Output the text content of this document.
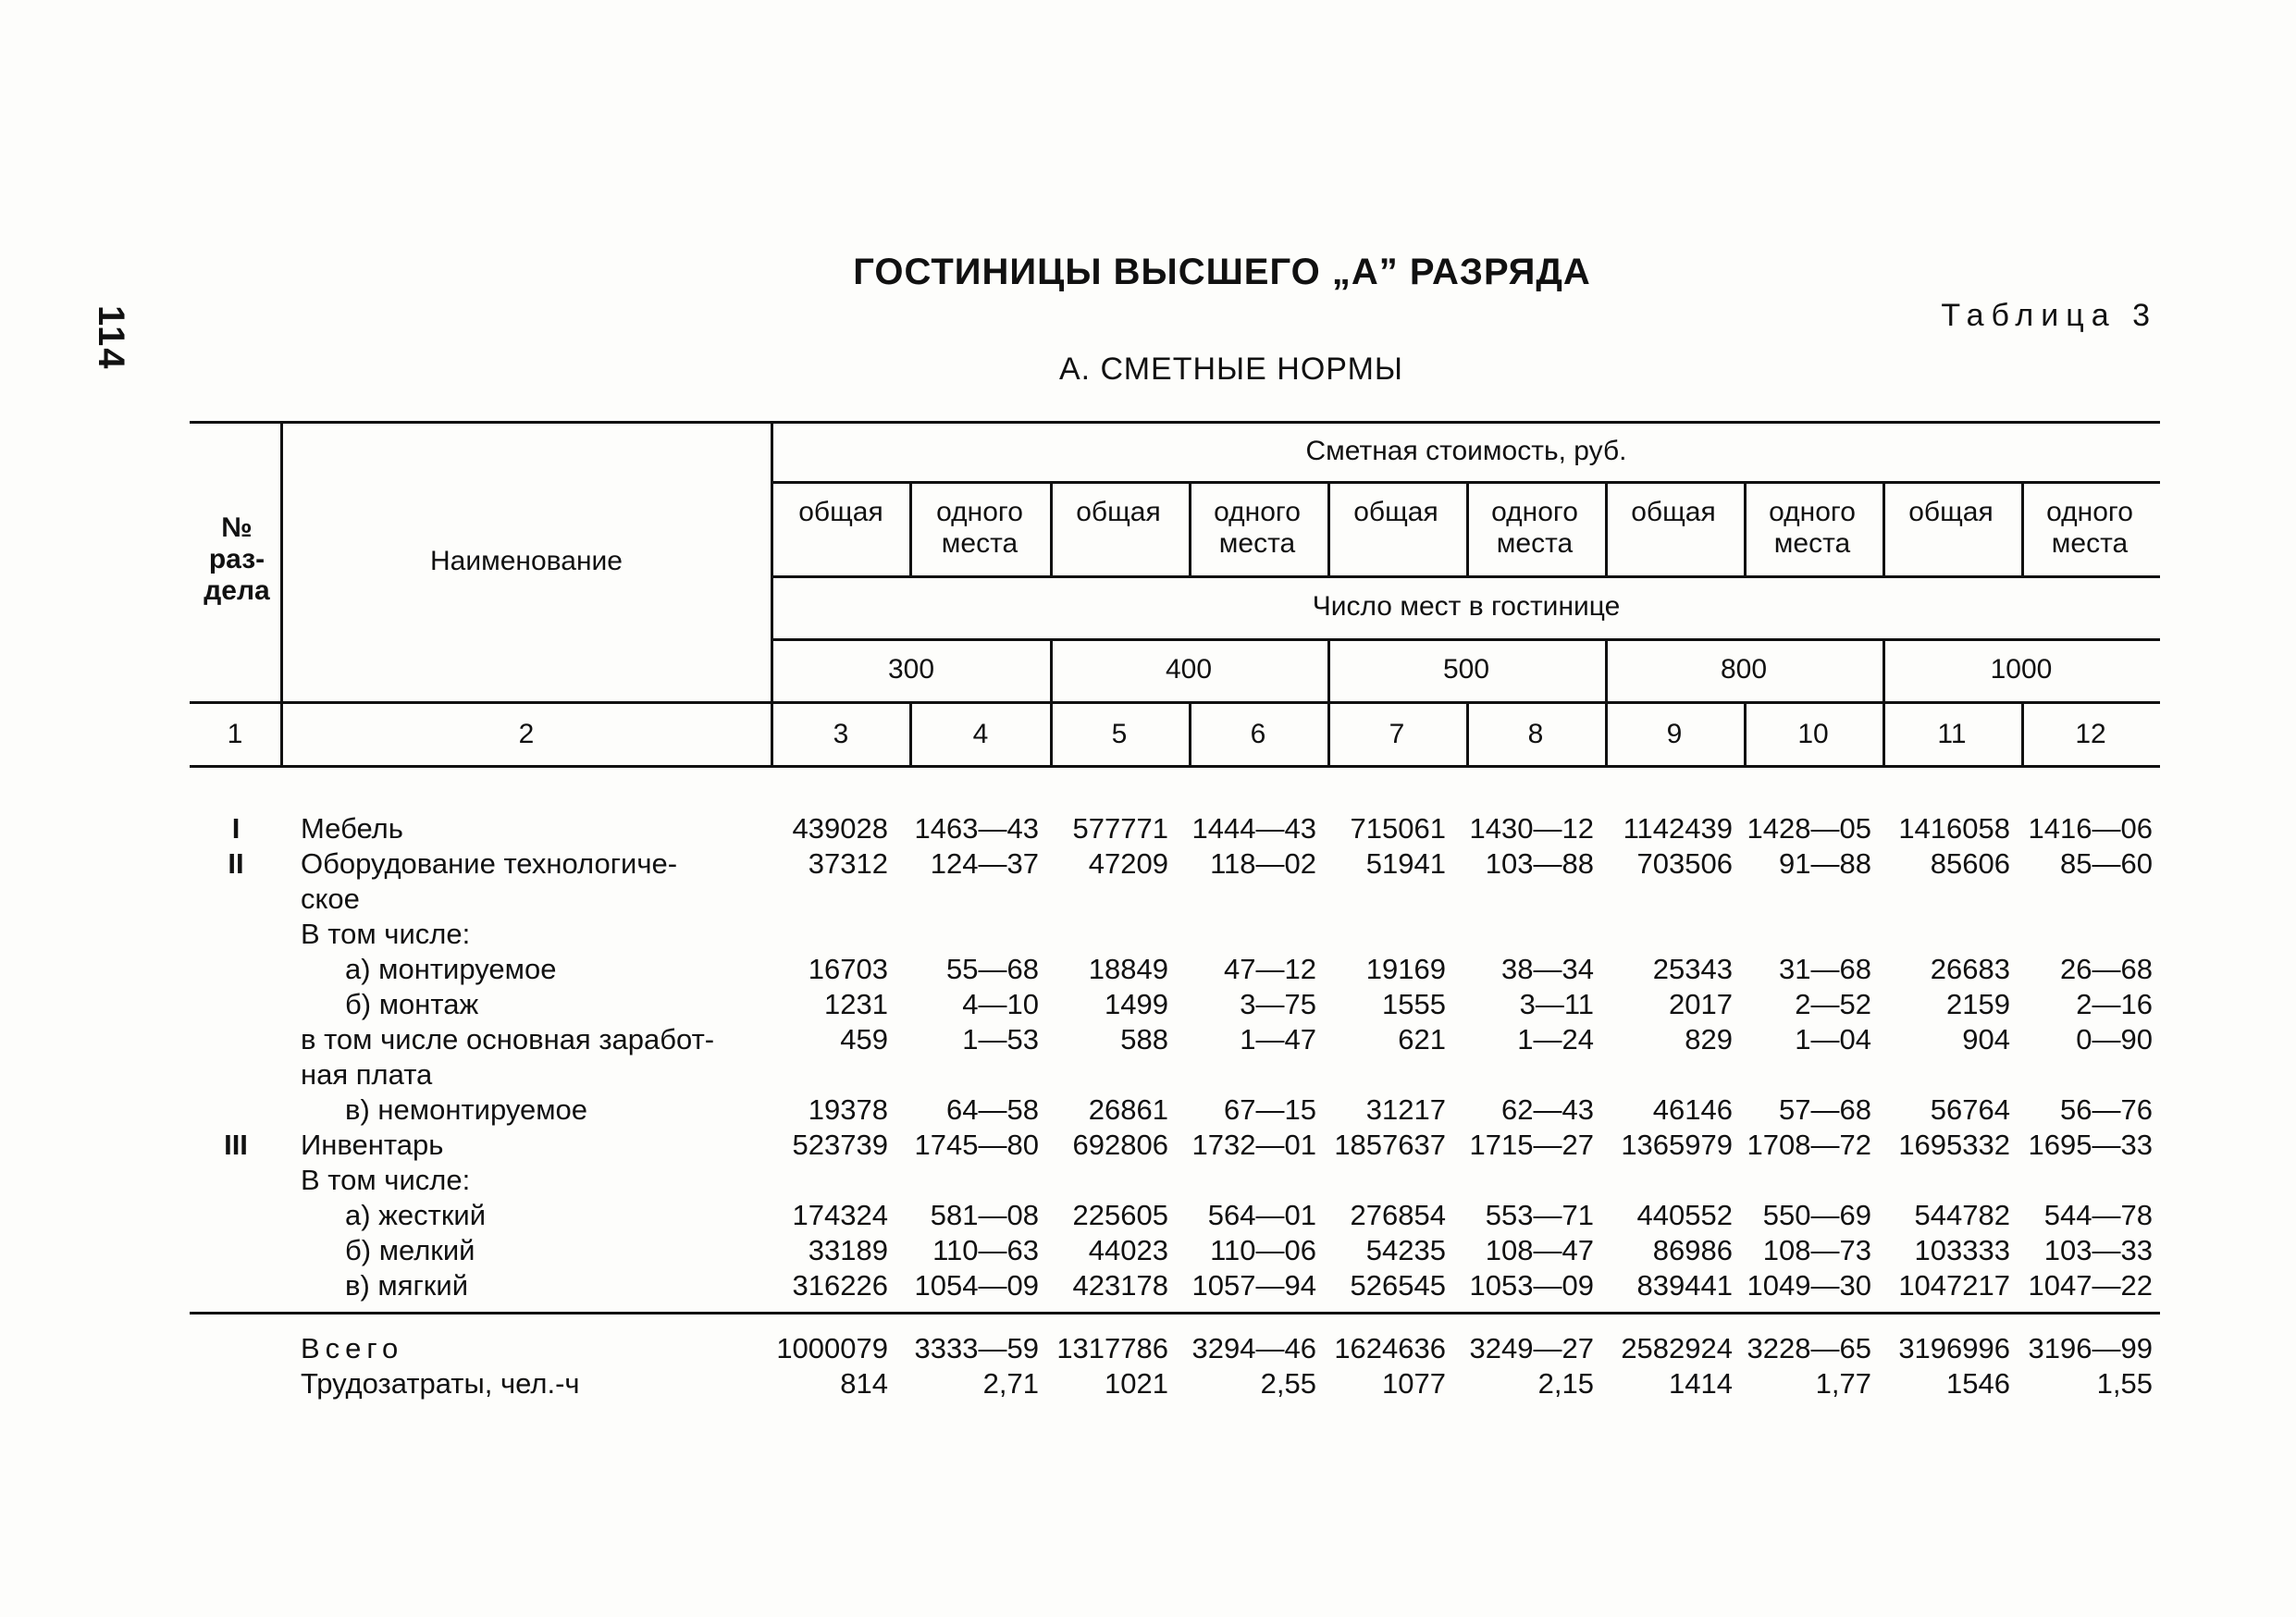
114
ГОСТИНИЦЫ ВЫСШЕГО „А” РАЗРЯДА
Таблица 3
А. СМЕТНЫЕ НОРМЫ
№ раз-дела
Наименование
Сметная стоимость, руб.
общая	одного места
общая	одного места
общая	одного места
общая	одного места
общая	одного места
Число мест в гостинице
300	400	500	800	1000
1	2	3	4	5	6	7	8	9	10	11	12
I	Мебель	439028 1463—43 577771 1444—43 715061 1430—12 1142439 1428—05 1416058 1416—06
II	Оборудование технологиче-	37312 124—37 47209 118—02 51941 103—88 703506 91—88 85606 85—60
ское
В том числе:
а) монтируемое	16703 55—68 18849 47—12 19169 38—34 25343 31—68 26683 26—68
б) монтаж	1231	4—10 1499 3—75 1555	3—11	2017 2—52	2159 2—16
в том числе основная заработ-	459	1—53	588 1—47	621 1—24	829 1—04	904 0—90
ная плата
в) немонтируемое	19378 64—58 26861 67—15 31217 62—43 46146 57—68 56764 56—76
III	Инвентарь	523739 1745—80 692806 1732—01 1857637 1715—27 1365979 1708—72 1695332 1695—33
В том числе:
а) жесткий	174324 581—08 225605 564—01 276854 553—71 440552 550—69 544782 544—78
б) мелкий	33189 110—63 44023 110—06 54235 108—47 86986 108—73 103333 103—33
в) мягкий	316226 1054—09 423178 1057—94 526545 1053—09 839441 1049—30 1047217 1047—22
Всего	1000079 3333—59 1317786 3294—46 1624636 3249—27 2582924 3228—65 3196996 3196—99
Трудозатраты, чел.-ч	814	2,71 1021	2,55 1077	2,15	1414	1,77	1546	1,55
